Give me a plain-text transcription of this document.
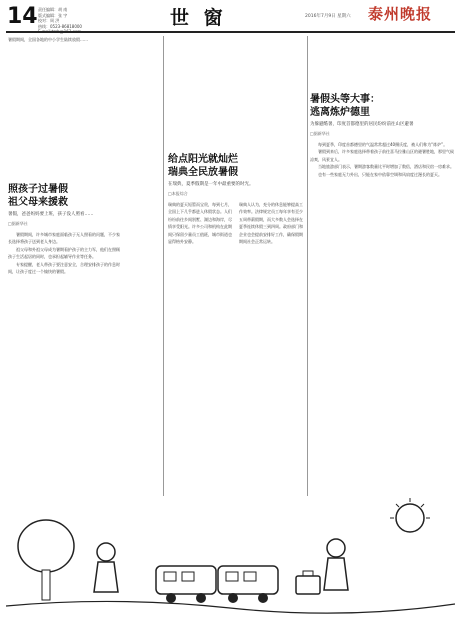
14 责任编辑：胡 南
版式编辑：张 宇
校对：周 洪
热线：0523-86818000	世 窗	2016年7月9日 星期六 泰州晚报
暑假期间，全国各地的中小学生陆续放假……
照孩子过暑假
祖父母来援救
暑假，爸爸妈妈要上班，孩子没人照看……
□据新华社

暑假期间，许多城市家庭面临孩子无人照看的问题，不少家长选择将孩子送到老人身边。

祖父母和外祖父母成为暑期看护孩子的主力军，他们在照顾孩子生活起居的同时，也承担起辅导作业等任务。

专家提醒，老人带孩子要注意安全，合理安排孩子的作息时间，让孩子度过一个愉快的暑假。

给点阳光就灿烂
瑞典全民放暑假
在瑞典，夏季假期是一年中最重要的时光。
□本报综合
瑞典的夏天短暂而宝贵，每到七月，全国上下几乎都进入休假状态。人们纷纷前往乡间别墅、湖边和海岸，尽情享受阳光。许多公司和机构在此期间只保留少量员工值班，城市街道也显得格外安静。
瑞典人认为，充分的休息能够提高工作效率。法律规定员工每年享有至少五周带薪假期，而大多数人会选择在夏季连续休假三到四周。政府部门和企业也会提前安排好工作，确保假期期间社会正常运转。
暑假头等大事：
逃离炼炉德里
为躲避酷暑，印度首都德里的居民纷纷前往山区避暑
□据新华社

每到夏季，印度首都德里的气温常常超过40摄氏度，被人们称为“炼炉”。

暑假到来后，许多家庭选择带着孩子前往喜马拉雅山区的避暑胜地，那里气候凉爽，风景宜人。

当地旅游部门表示，暑期游客数量比平时增加了数倍，酒店和民宿一房难求。

也有一些家庭无力外出，只能在家中依靠空调和风扇度过漫长的夏天。
